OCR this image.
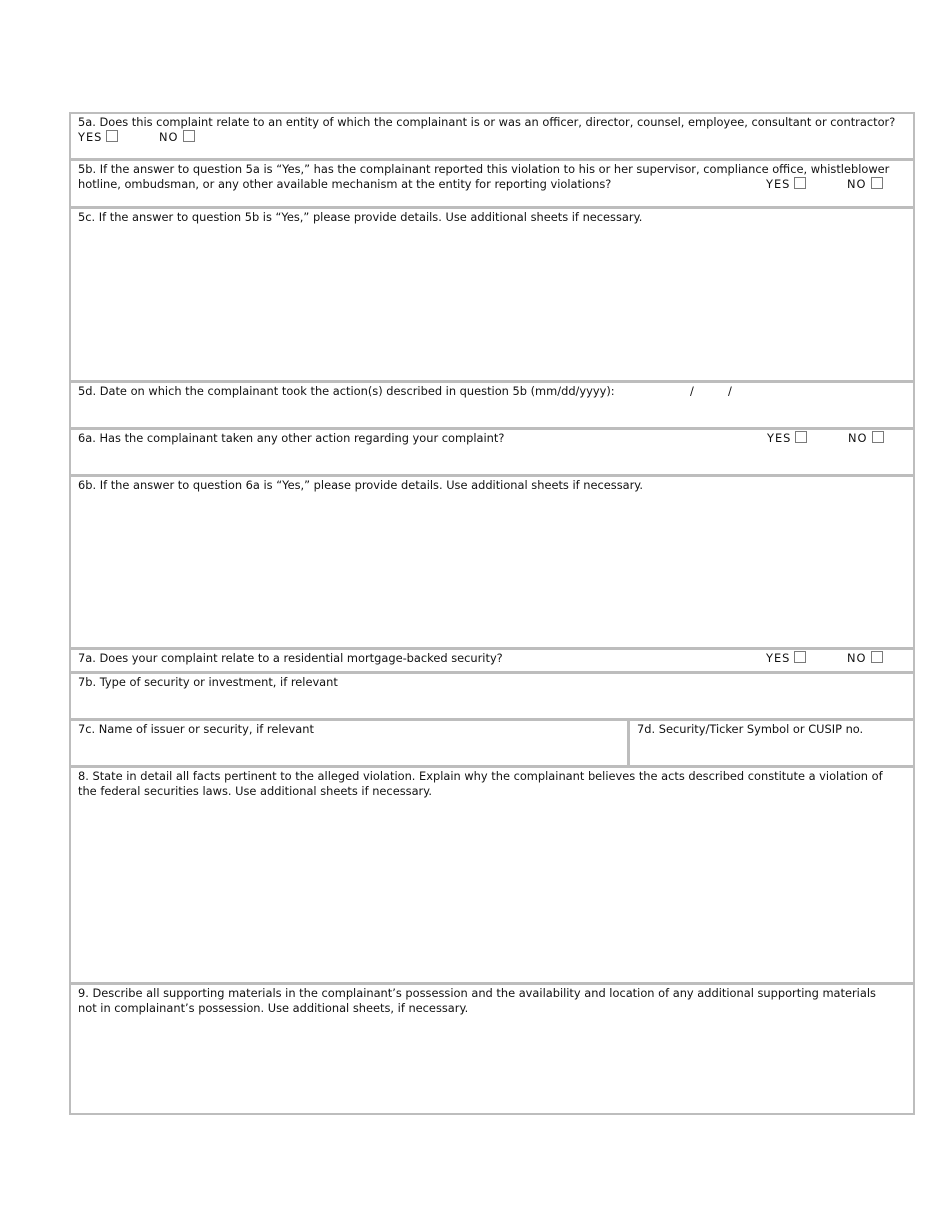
5a. Does this complaint relate to an entity of which the complainant is or was an officer, director, counsel, employee, consultant or contractor?
YES	NO
5b. If the answer to question 5a is “Yes,” has the complainant reported this violation to his or her supervisor, compliance office, whistleblower hotline, ombudsman, or any other available mechanism at the entity for reporting violations?	YES	NO
5c. If the answer to question 5b is “Yes,” please provide details. Use additional sheets if necessary.
5d. Date on which the complainant took the action(s) described in question 5b (mm/dd/yyyy):	/	/
6a. Has the complainant taken any other action regarding your complaint?	YES	NO
6b. If the answer to question 6a is “Yes,” please provide details. Use additional sheets if necessary.
7a. Does your complaint relate to a residential mortgage-backed security?	YES	NO
7b. Type of security or investment, if relevant
7c. Name of issuer or security, if relevant	7d. Security/Ticker Symbol or CUSIP no.
8. State in detail all facts pertinent to the alleged violation. Explain why the complainant believes the acts described constitute a violation of the federal securities laws. Use additional sheets if necessary.
9. Describe all supporting materials in the complainant’s possession and the availability and location of any additional supporting materials not in complainant’s possession. Use additional sheets, if necessary.
